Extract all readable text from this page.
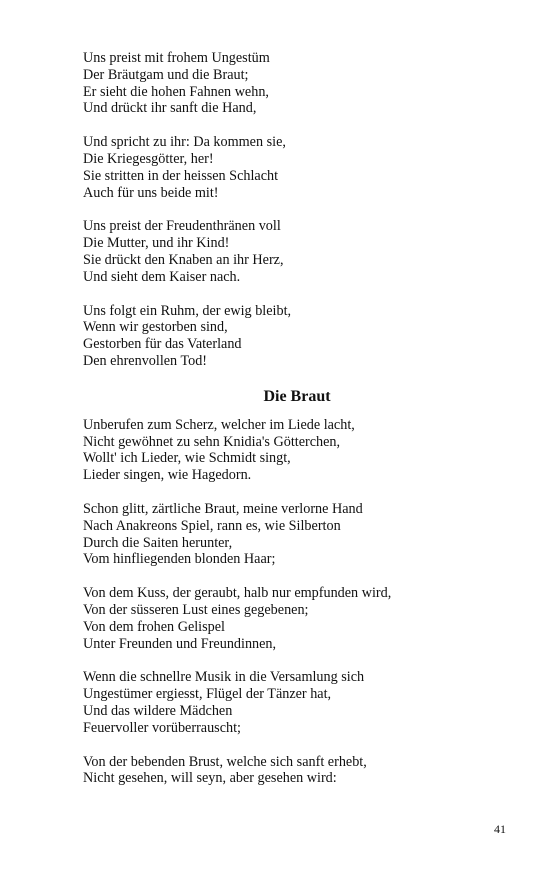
Uns preist mit frohem Ungestüm
Der Bräutgam und die Braut;
Er sieht die hohen Fahnen wehn,
Und drückt ihr sanft die Hand,
Und spricht zu ihr: Da kommen sie,
Die Kriegesgötter, her!
Sie stritten in der heissen Schlacht
Auch für uns beide mit!
Uns preist der Freudenthränen voll
Die Mutter, und ihr Kind!
Sie drückt den Knaben an ihr Herz,
Und sieht dem Kaiser nach.
Uns folgt ein Ruhm, der ewig bleibt,
Wenn wir gestorben sind,
Gestorben für das Vaterland
Den ehrenvollen Tod!
Die Braut
Unberufen zum Scherz, welcher im Liede lacht,
Nicht gewöhnet zu sehn Knidia's Götterchen,
Wollt' ich Lieder, wie Schmidt singt,
Lieder singen, wie Hagedorn.
Schon glitt, zärtliche Braut, meine verlorne Hand
Nach Anakreons Spiel, rann es, wie Silberton
Durch die Saiten herunter,
Vom hinfliegenden blonden Haar;
Von dem Kuss, der geraubt, halb nur empfunden wird,
Von der süsseren Lust eines gegebenen;
Von dem frohen Gelispel
Unter Freunden und Freundinnen,
Wenn die schnellre Musik in die Versamlung sich
Ungestümer ergiesst, Flügel der Tänzer hat,
Und das wildere Mädchen
Feuervoller vorüberrauscht;
Von der bebenden Brust, welche sich sanft erhebt,
Nicht gesehen, will seyn, aber gesehen wird:
41
